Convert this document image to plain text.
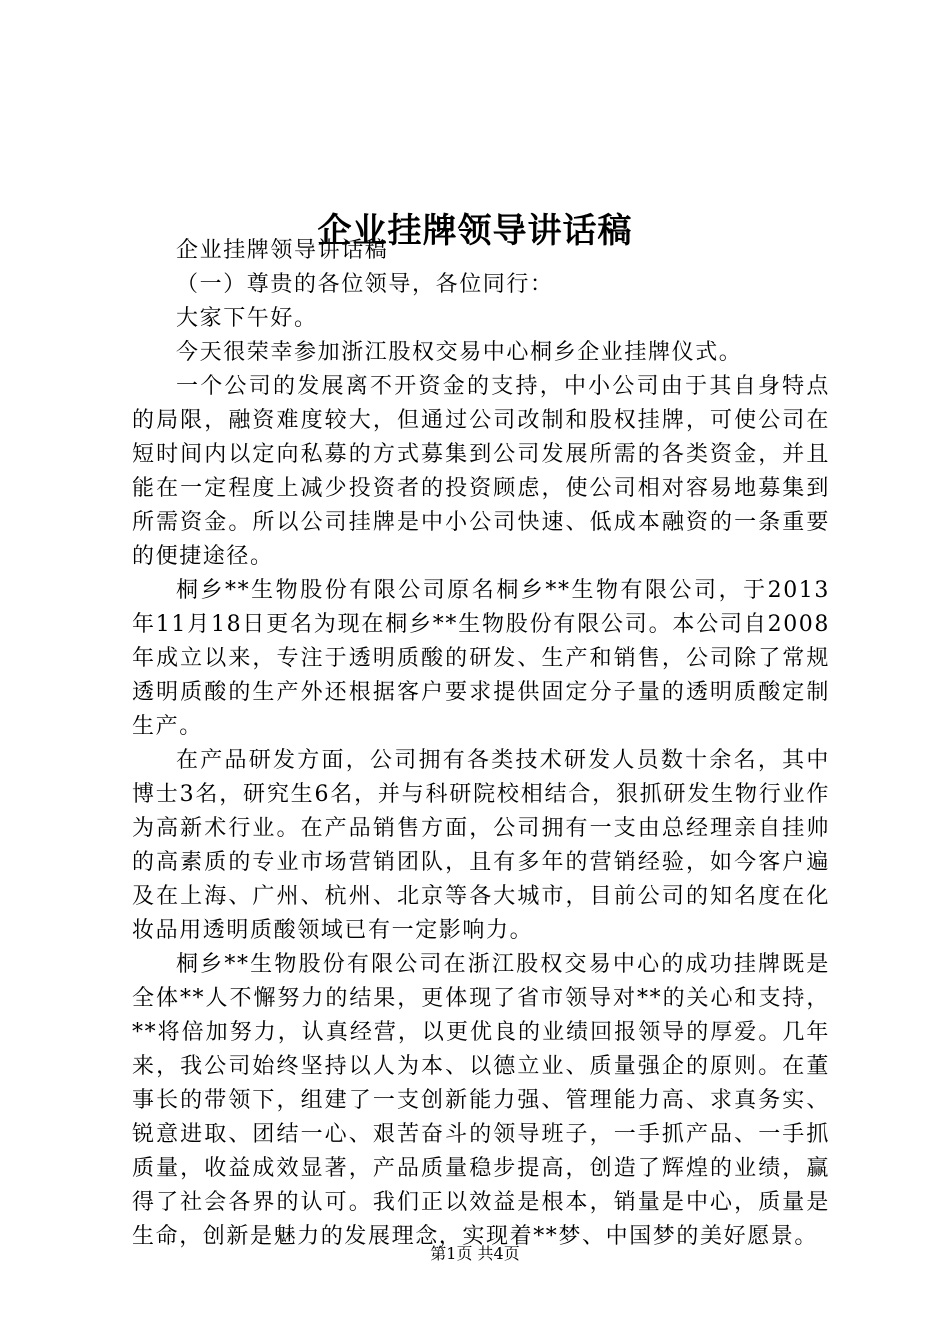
企业挂牌领导讲话稿

企业挂牌领导讲话稿

（一）尊贵的各位领导，各位同行：

大家下午好。

今天很荣幸参加浙江股权交易中心桐乡企业挂牌仪式。

一个公司的发展离不开资金的支持，中小公司由于其自身特点的局限，融资难度较大，但通过公司改制和股权挂牌，可使公司在短时间内以定向私募的方式募集到公司发展所需的各类资金，并且能在一定程度上减少投资者的投资顾虑，使公司相对容易地募集到所需资金。所以公司挂牌是中小公司快速、低成本融资的一条重要的便捷途径。

桐乡**生物股份有限公司原名桐乡**生物有限公司，于2013年11月18日更名为现在桐乡**生物股份有限公司。本公司自2008年成立以来，专注于透明质酸的研发、生产和销售，公司除了常规透明质酸的生产外还根据客户要求提供固定分子量的透明质酸定制生产。

在产品研发方面，公司拥有各类技术研发人员数十余名，其中博士3名，研究生6名，并与科研院校相结合，狠抓研发生物行业作为高新术行业。在产品销售方面，公司拥有一支由总经理亲自挂帅的高素质的专业市场营销团队，且有多年的营销经验，如今客户遍及在上海、广州、杭州、北京等各大城市，目前公司的知名度在化妆品用透明质酸领域已有一定影响力。

桐乡**生物股份有限公司在浙江股权交易中心的成功挂牌既是全体**人不懈努力的结果，更体现了省市领导对**的关心和支持，**将倍加努力，认真经营，以更优良的业绩回报领导的厚爱。几年来，我公司始终坚持以人为本、以德立业、质量强企的原则。在董事长的带领下，组建了一支创新能力强、管理能力高、求真务实、锐意进取、团结一心、艰苦奋斗的领导班子，一手抓产品、一手抓质量，收益成效显著，产品质量稳步提高，创造了辉煌的业绩，赢得了社会各界的认可。我们正以效益是根本，销量是中心，质量是生命，创新是魅力的发展理念，实现着**梦、中国梦的美好愿景。

第1页 共4页
